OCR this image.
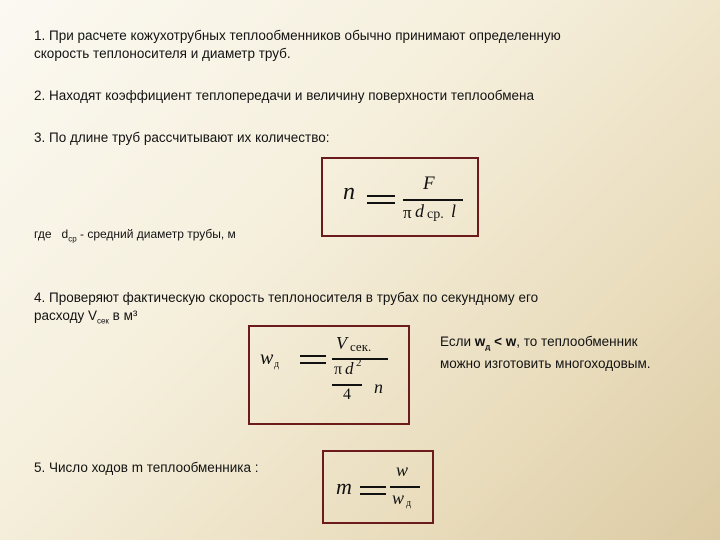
1. При расчете кожухотрубных теплообменников обычно принимают определенную

скорость теплоносителя и диаметр труб.

2. Находят коэффициент теплопередачи и величину поверхности теплообмена

3. По длине труб рассчитывают их количество:

n	F
π d ср. l

где $d_{ср}$ - средний диаметр трубы, м

4. Проверяют фактическую скорость теплоносителя в трубах по секундному его

расходу $V_{сек}$ в м³

w д
V сек.
π d 2
4 n

Если $w_д < w$, то теплообменник

можно изготовить многоходовым.

5. Число ходов m теплообменника :

m
w
w д
